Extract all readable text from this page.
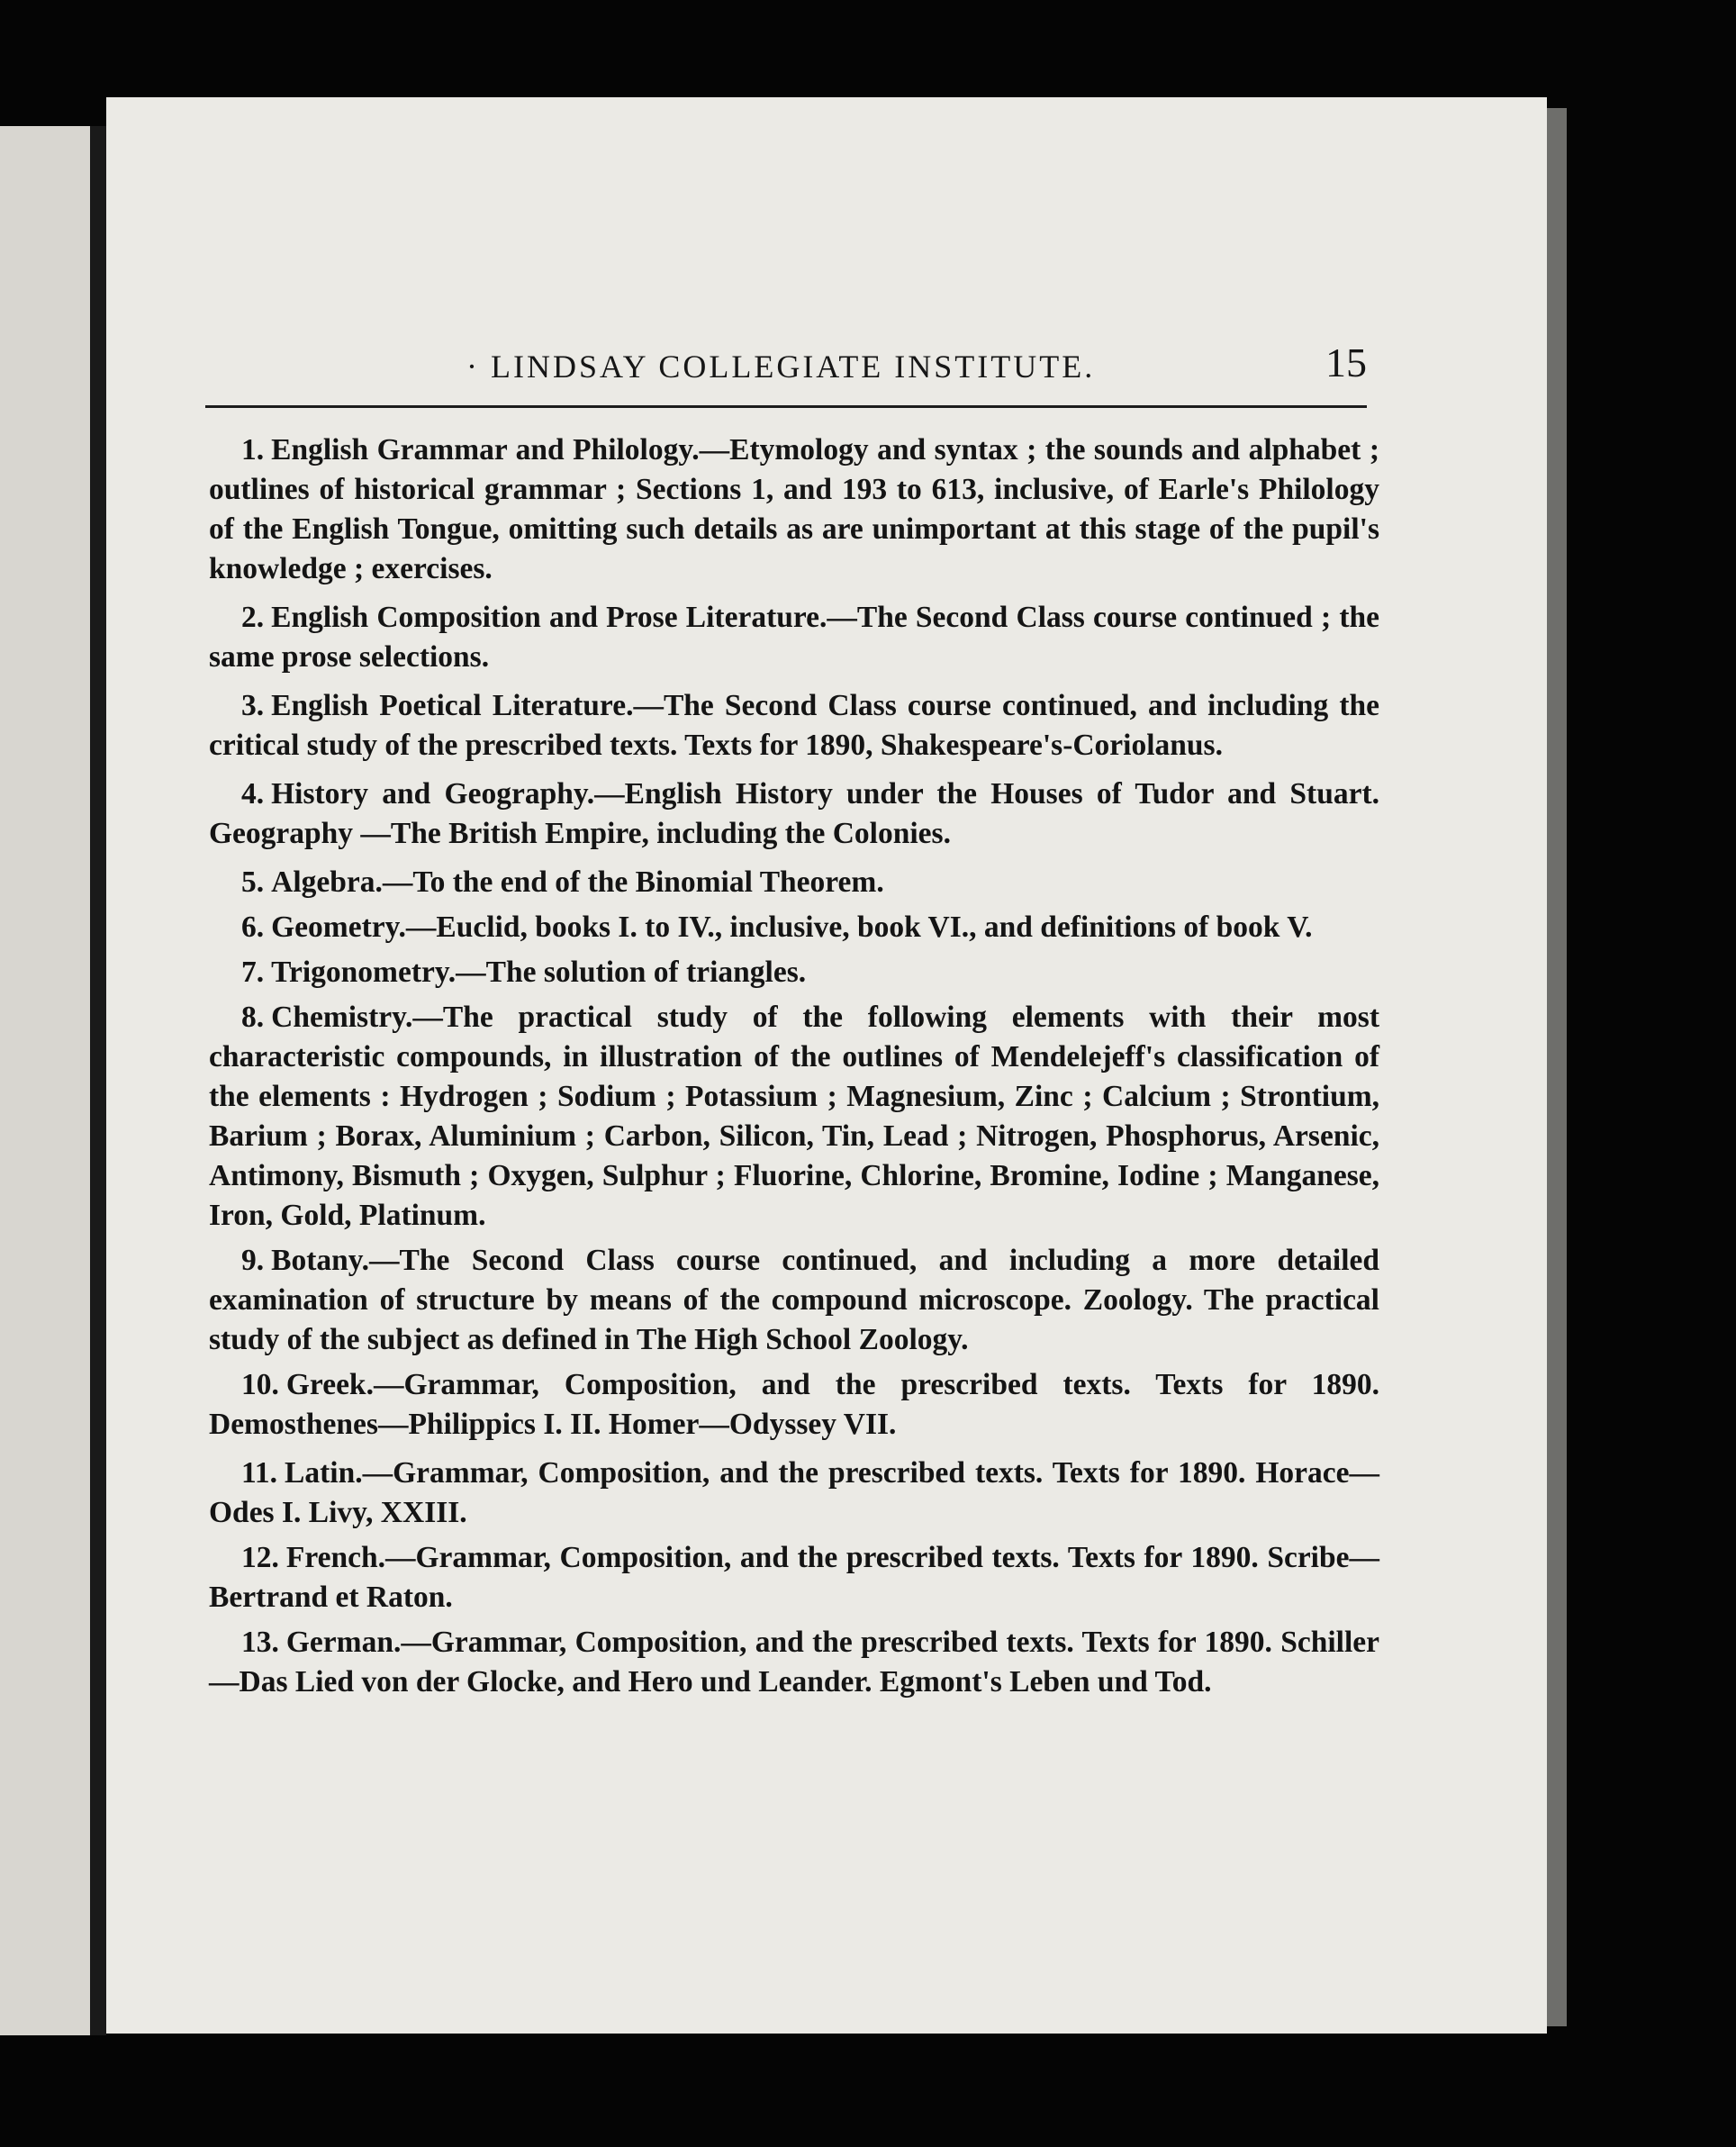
· LINDSAY COLLEGIATE INSTITUTE.	15

1. English Grammar and Philology.—Etymology and syntax ; the sounds and alphabet ; outlines of historical grammar ; Sections 1, and 193 to 613, inclusive, of Earle's Philology of the English Tongue, omitting such details as are unimportant at this stage of the pupil's knowledge ; exercises.

2. English Composition and Prose Literature.—The Second Class course continued ; the same prose selections.

3. English Poetical Literature.—The Second Class course continued, and including the critical study of the prescribed texts. Texts for 1890, Shakespeare's-Coriolanus.

4. History and Geography.—English History under the Houses of Tudor and Stuart. Geography —The British Empire, including the Colonies.

5. Algebra.—To the end of the Binomial Theorem.

6. Geometry.—Euclid, books I. to IV., inclusive, book VI., and definitions of book V.

7. Trigonometry.—The solution of triangles.

8. Chemistry.—The practical study of the following elements with their most characteristic compounds, in illustration of the outlines of Mendelejeff's classification of the elements : Hydrogen ; Sodium ; Potassium ; Magnesium, Zinc ; Calcium ; Strontium, Barium ; Borax, Aluminium ; Carbon, Silicon, Tin, Lead ; Nitrogen, Phosphorus, Arsenic, Antimony, Bismuth ; Oxygen, Sulphur ; Fluorine, Chlorine, Bromine, Iodine ; Manganese, Iron, Gold, Platinum.

9. Botany.—The Second Class course continued, and including a more detailed examination of structure by means of the compound microscope. Zoology. The practical study of the subject as defined in The High School Zoology.

10. Greek.—Grammar, Composition, and the prescribed texts. Texts for 1890. Demosthenes—Philippics I. II. Homer—Odyssey VII.

11. Latin.—Grammar, Composition, and the prescribed texts. Texts for 1890. Horace—Odes I. Livy, XXIII.

12. French.—Grammar, Composition, and the prescribed texts. Texts for 1890. Scribe—Bertrand et Raton.

13. German.—Grammar, Composition, and the prescribed texts. Texts for 1890. Schiller—Das Lied von der Glocke, and Hero und Leander. Egmont's Leben und Tod.
